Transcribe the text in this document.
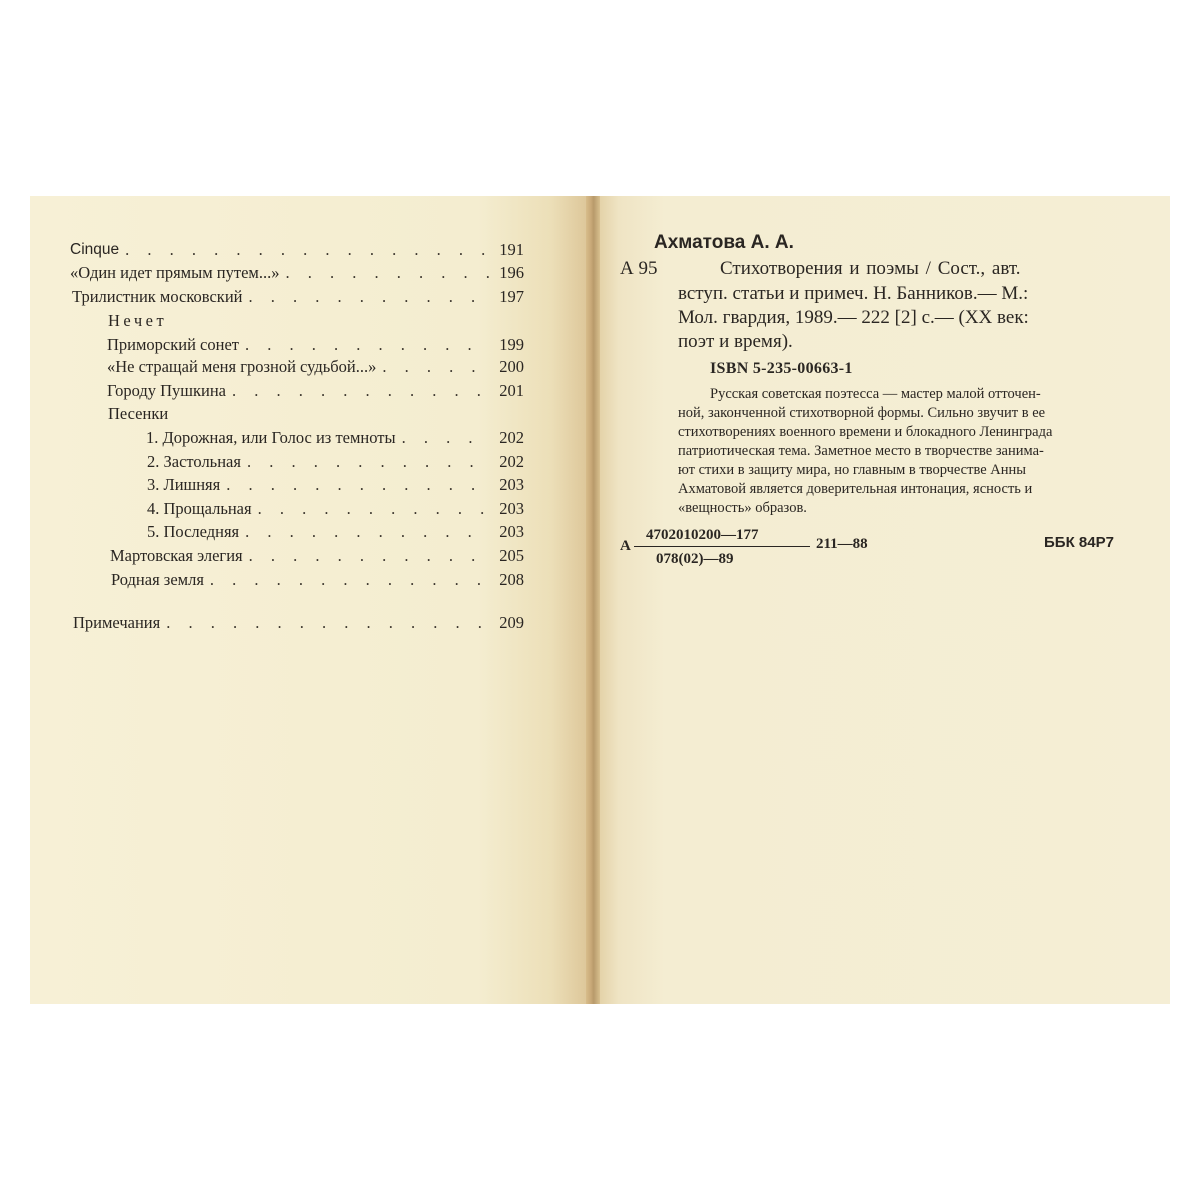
Cinque . . .	191
«Один идет прямым путем...» . . .	196
Трилистник московский . . .	197
Нечет
Приморский сонет . . .	199
«Не стращай меня грозной судьбой...» . . .	200
Городу Пушкина . . .	201
Песенки
1. Дорожная, или Голос из темноты . . .	202
2. Застольная . . .	202
3. Лишняя . . .	203
4. Прощальная . . .	203
5. Последняя . . .	203
Мартовская элегия . . .	205
Родная земля . . .	208
Примечания . . .	209
Ахматова А. А.
А 95	Стихотворения и поэмы / Сост., авт.
вступ. статьи и примеч. Н. Банников.— М.:
Мол. гвардия, 1989.— 222 [2] с.— (XX век:
поэт и время).
ISBN 5-235-00663-1
Русская советская поэтесса — мастер малой отточен-
ной, законченной стихотворной формы. Сильно звучит в ее
стихотворениях военного времени и блокадного Ленинграда
патриотическая тема. Заметное место в творчестве занима-
ют стихи в защиту мира, но главным в творчестве Анны
Ахматовой является доверительная интонация, ясность и
«вещность» образов.
А
4702010200—177
078(02)—89
211—88	ББК 84Р7
